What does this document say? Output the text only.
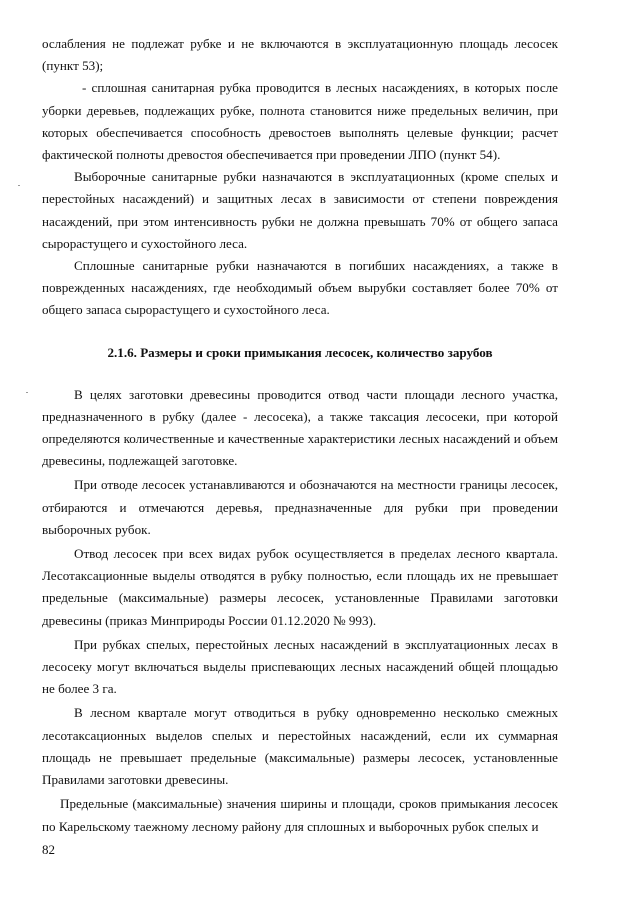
ослабления не подлежат рубке и не включаются в эксплуатационную площадь лесосек (пункт 53);

- сплошная санитарная рубка проводится в лесных насаждениях, в которых после уборки деревьев, подлежащих рубке, полнота становится ниже предельных величин, при которых обеспечивается способность древостоев выполнять целевые функции; расчет фактической полноты древостоя обеспечивается при проведении ЛПО (пункт 54).

Выборочные санитарные рубки назначаются в эксплуатационных (кроме спелых и перестойных насаждений) и защитных лесах в зависимости от степени повреждения насаждений, при этом интенсивность рубки не должна превышать 70% от общего запаса сырорастущего и сухостойного леса.

Сплошные санитарные рубки назначаются в погибших насаждениях, а также в поврежденных насаждениях, где необходимый объем вырубки составляет более 70% от общего запаса сырорастущего и сухостойного леса.

2.1.6. Размеры и сроки примыкания лесосек, количество зарубов

В целях заготовки древесины проводится отвод части площади лесного участка, предназначенного в рубку (далее - лесосека), а также таксация лесосеки, при которой определяются количественные и качественные характеристики лесных насаждений и объем древесины, подлежащей заготовке.

При отводе лесосек устанавливаются и обозначаются на местности границы лесосек, отбираются и отмечаются деревья, предназначенные для рубки при проведении выборочных рубок.

Отвод лесосек при всех видах рубок осуществляется в пределах лесного квартала. Лесотаксационные выделы отводятся в рубку полностью, если площадь их не превышает предельные (максимальные) размеры лесосек, установленные Правилами заготовки древесины (приказ Минприроды России 01.12.2020 № 993).

При рубках спелых, перестойных лесных насаждений в эксплуатационных лесах в лесосеку могут включаться выделы приспевающих лесных насаждений общей площадью не более 3 га.

В лесном квартале могут отводиться в рубку одновременно несколько смежных лесотаксационных выделов спелых и перестойных насаждений, если их суммарная площадь не превышает предельные (максимальные) размеры лесосек, установленные Правилами заготовки древесины.

Предельные (максимальные) значения ширины и площади, сроков примыкания лесосек по Карельскому таежному лесному району для сплошных и выборочных рубок спелых и

82
